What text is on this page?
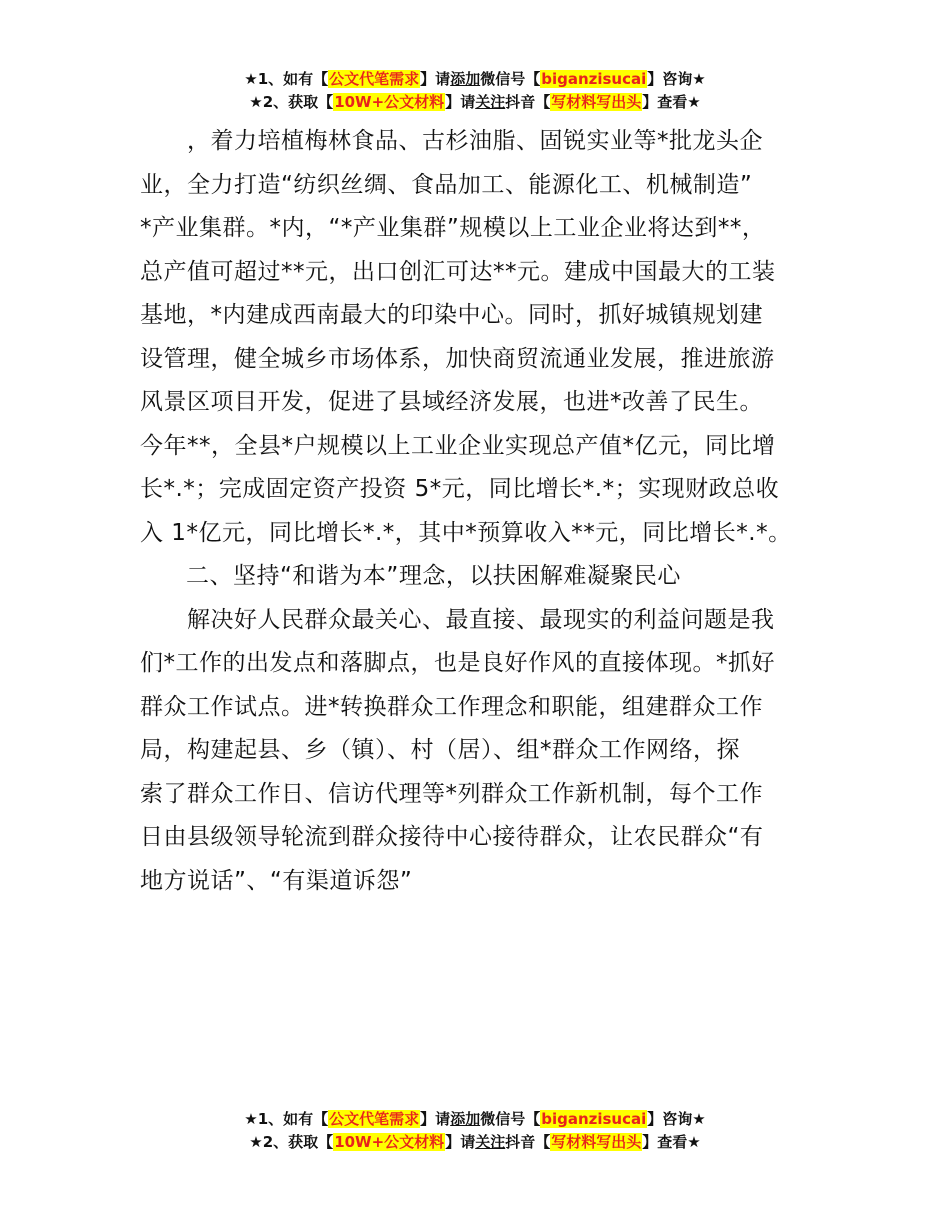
★1、如有【公文代笔需求】请添加微信号【biganzisucai】咨询★
★2、获取【10W+公文材料】请关注抖音【写材料写出头】查看★

　　，着力培植梅林食品、古杉油脂、固锐实业等*批龙头企
业，全力打造“纺织丝绸、食品加工、能源化工、机械制造”
*产业集群。*内，“*产业集群”规模以上工业企业将达到**，
总产值可超过**元，出口创汇可达**元。建成中国最大的工装
基地，*内建成西南最大的印染中心。同时，抓好城镇规划建
设管理，健全城乡市场体系，加快商贸流通业发展，推进旅游
风景区项目开发，促进了县域经济发展，也进*改善了民生。
今年**，全县*户规模以上工业企业实现总产值*亿元，同比增
长*.*；完成固定资产投资 5*元，同比增长*.*；实现财政总收
入 1*亿元，同比增长*.*，其中*预算收入**元，同比增长*.*。

二、坚持“和谐为本”理念，以扶困解难凝聚民心

　　解决好人民群众最关心、最直接、最现实的利益问题是我
们*工作的出发点和落脚点，也是良好作风的直接体现。*抓好
群众工作试点。进*转换群众工作理念和职能，组建群众工作
局，构建起县、乡（镇）、村（居）、组*群众工作网络，探
索了群众工作日、信访代理等*列群众工作新机制，每个工作
日由县级领导轮流到群众接待中心接待群众，让农民群众“有
地方说话”、“有渠道诉怨”

★1、如有【公文代笔需求】请添加微信号【biganzisucai】咨询★
★2、获取【10W+公文材料】请关注抖音【写材料写出头】查看★
